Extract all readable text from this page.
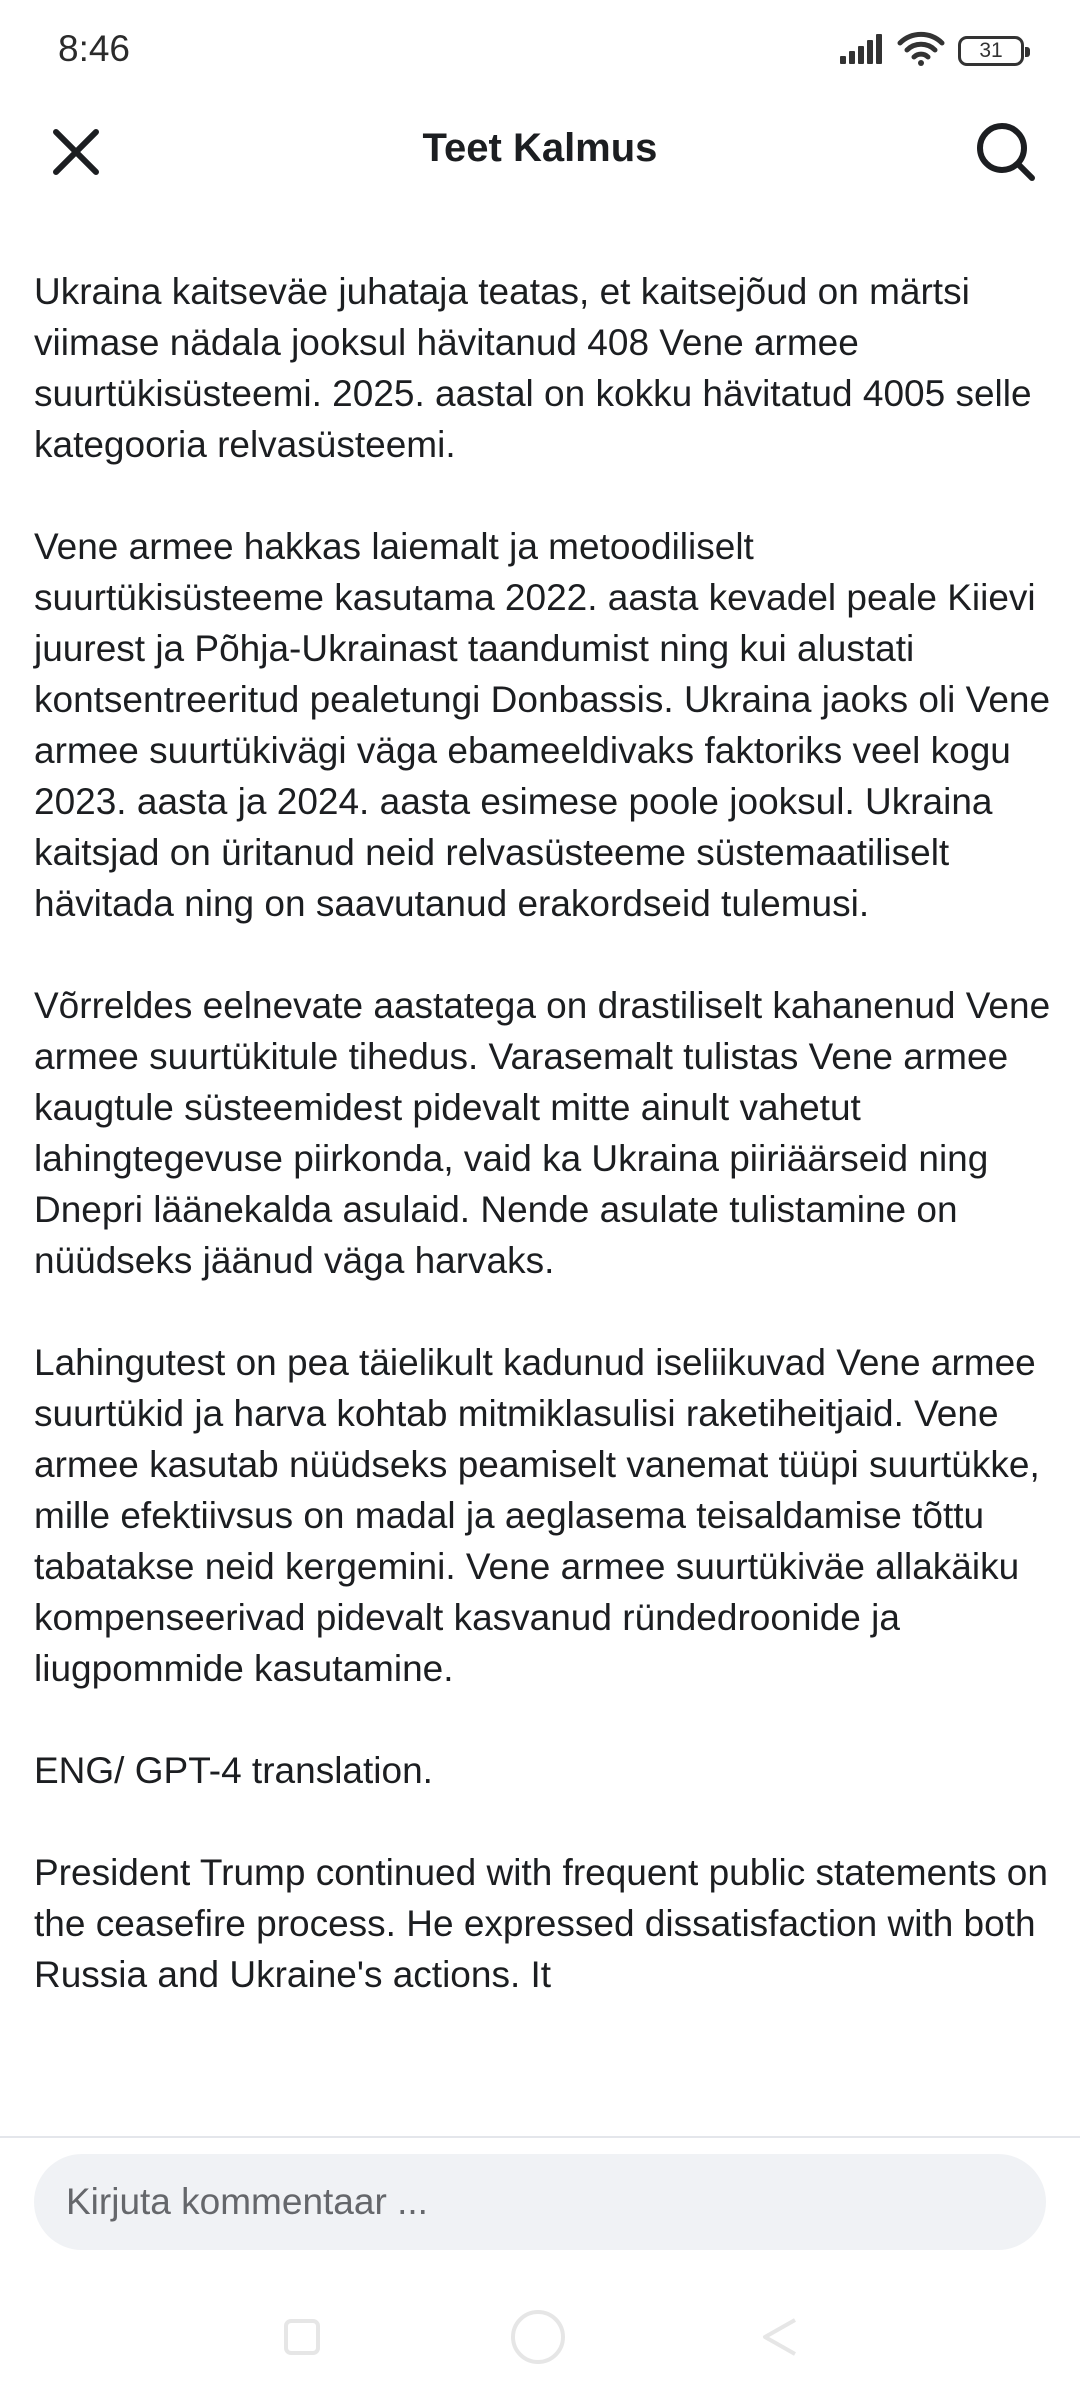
8:46	31
Teet Kalmus

Ukraina kaitseväe juhataja teatas, et kaitsejõud on märtsi viimase nädala jooksul hävitanud 408 Vene armee suurtükisüsteemi. 2025. aastal on kokku hävitatud 4005 selle kategooria relvasüsteemi.

Vene armee hakkas laiemalt ja metoodiliselt suurtükisüsteeme kasutama 2022. aasta kevadel peale Kiievi juurest ja Põhja-Ukrainast taandumist ning kui alustati kontsentreeritud pealetungi Donbassis. Ukraina jaoks oli Vene armee suurtükivägi väga ebameeldivaks faktoriks veel kogu 2023. aasta ja 2024. aasta esimese poole jooksul. Ukraina kaitsjad on üritanud neid relvasüsteeme süstemaatiliselt hävitada ning on saavutanud erakordseid tulemusi.

Võrreldes eelnevate aastatega on drastiliselt kahanenud Vene armee suurtükitule tihedus. Varasemalt tulistas Vene armee kaugtule süsteemidest pidevalt mitte ainult vahetut lahingtegevuse piirkonda, vaid ka Ukraina piiriäärseid ning Dnepri läänekalda asulaid. Nende asulate tulistamine on nüüdseks jäänud väga harvaks.

Lahingutest on pea täielikult kadunud iseliikuvad Vene armee suurtükid ja harva kohtab mitmiklasulisi raketiheitjaid. Vene armee kasutab nüüdseks peamiselt vanemat tüüpi suurtükke, mille efektiivsus on madal ja aeglasema teisaldamise tõttu tabatakse neid kergemini. Vene armee suurtükiväe allakäiku kompenseerivad pidevalt kasvanud ründedroonide ja liugpommide kasutamine.

ENG/ GPT-4 translation.

President Trump continued with frequent public statements on the ceasefire process. He expressed dissatisfaction with both Russia and Ukraine's actions. It

Kirjuta kommentaar ...
